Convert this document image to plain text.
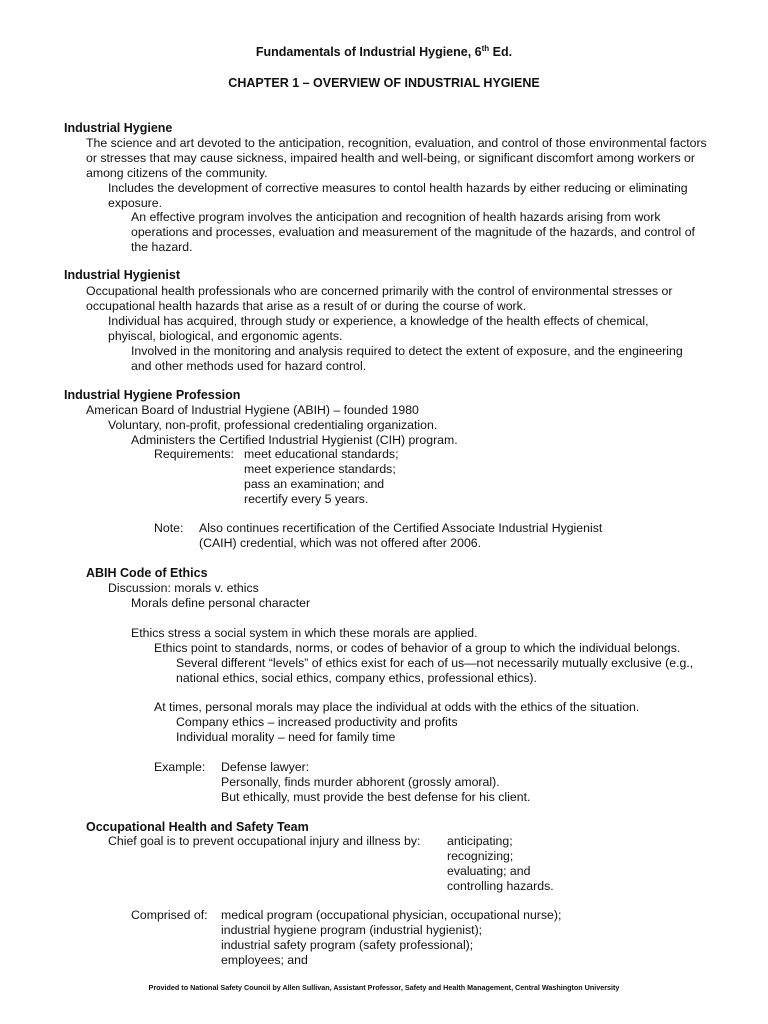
Fundamentals of Industrial Hygiene, 6th Ed.
CHAPTER 1 – OVERVIEW OF INDUSTRIAL HYGIENE
Industrial Hygiene
The science and art devoted to the anticipation, recognition, evaluation, and control of those environmental factors or stresses that may cause sickness, impaired health and well-being, or significant discomfort among workers or among citizens of the community.
Includes the development of corrective measures to contol health hazards by either reducing or eliminating exposure.
An effective program involves the anticipation and recognition of health hazards arising from work operations and processes, evaluation and measurement of the magnitude of the hazards, and control of the hazard.
Industrial Hygienist
Occupational health professionals who are concerned primarily with the control of environmental stresses or occupational health hazards that arise as a result of or during the course of work.
Individual has acquired, through study or experience, a knowledge of the health effects of chemical, phyiscal, biological, and ergonomic agents.
Involved in the monitoring and analysis required to detect the extent of exposure, and the engineering and other methods used for hazard control.
Industrial Hygiene Profession
American Board of Industrial Hygiene (ABIH) – founded 1980
Voluntary, non-profit, professional credentialing organization.
Administers the Certified Industrial Hygienist (CIH) program.
Requirements: meet educational standards;
meet experience standards;
pass an examination; and
recertify every 5 years.
Note: Also continues recertification of the Certified Associate Industrial Hygienist
(CAIH) credential, which was not offered after 2006.
ABIH Code of Ethics
Discussion: morals v. ethics
Morals define personal character
Ethics stress a social system in which these morals are applied.
Ethics point to standards, norms, or codes of behavior of a group to which the individual belongs.
Several different “levels” of ethics exist for each of us—not necessarily mutually exclusive (e.g., national ethics, social ethics, company ethics, professional ethics).
At times, personal morals may place the individual at odds with the ethics of the situation.
Company ethics – increased productivity and profits
Individual morality – need for family time
Example: Defense lawyer:
Personally, finds murder abhorent (grossly amoral).
But ethically, must provide the best defense for his client.
Occupational Health and Safety Team
Chief goal is to prevent occupational injury and illness by: anticipating;
recognizing;
evaluating; and
controlling hazards.
Comprised of: medical program (occupational physician, occupational nurse);
industrial hygiene program (industrial hygienist);
industrial safety program (safety professional);
employees; and
Provided to National Safety Council by Allen Sullivan, Assistant Professor, Safety and Health Management, Central Washington University
